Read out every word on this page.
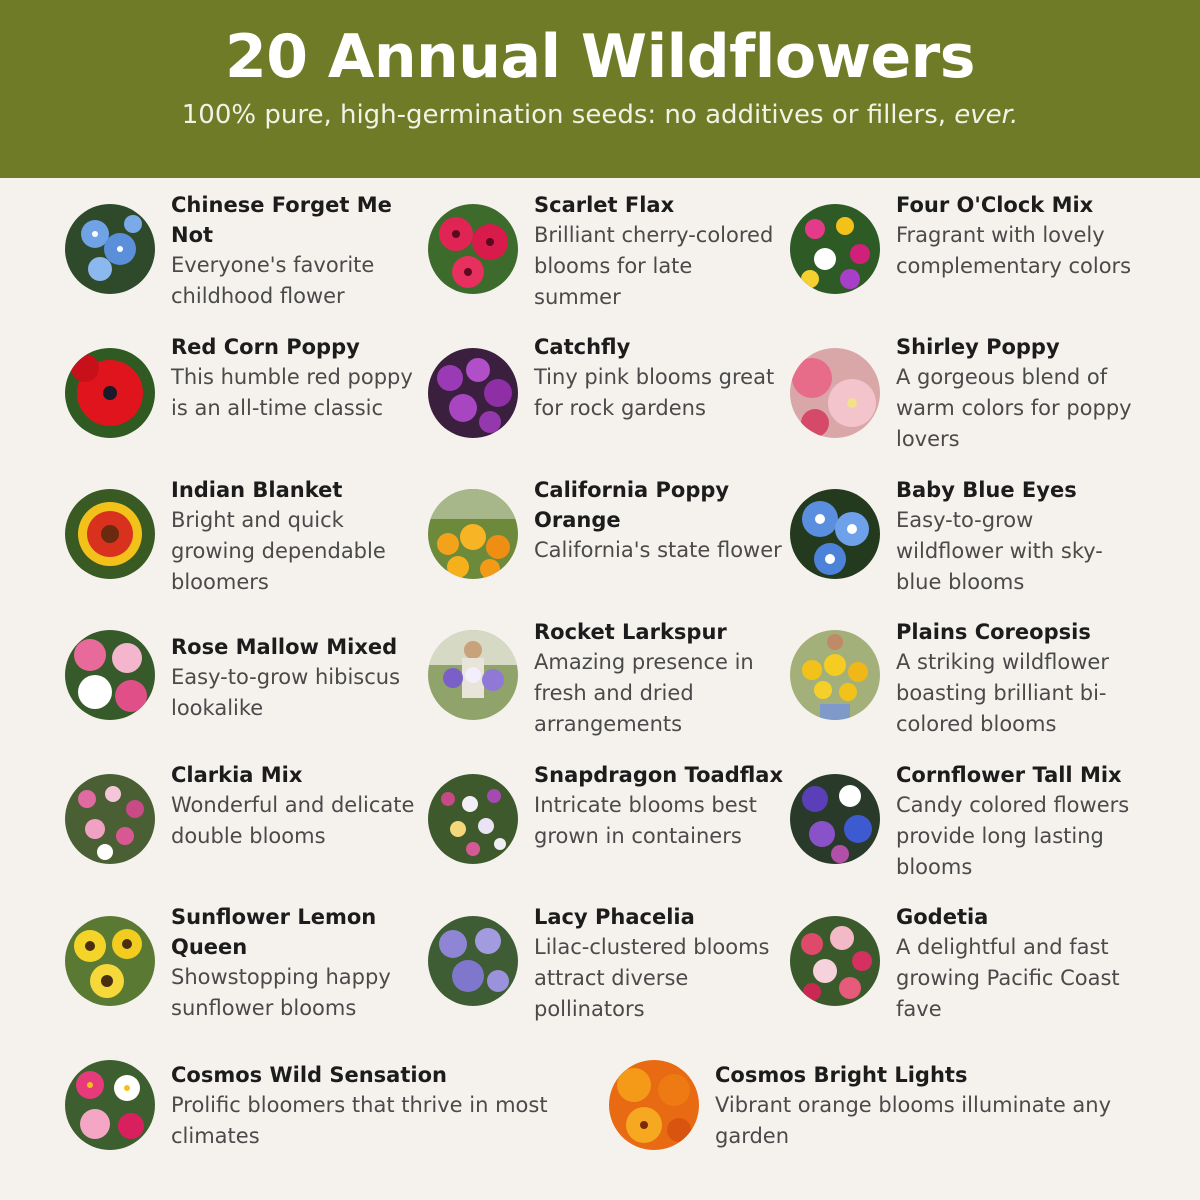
20 Annual Wildflowers
100% pure, high-germination seeds: no additives or fillers, ever.
Chinese Forget Me Not
Everyone's favorite childhood flower
Scarlet Flax
Brilliant cherry-colored blooms for late summer
Four O'Clock Mix
Fragrant with lovely complementary colors
Red Corn Poppy
This humble red poppy is an all-time classic
Catchfly
Tiny pink blooms great for rock gardens
Shirley Poppy
A gorgeous blend of warm colors for poppy lovers
Indian Blanket
Bright and quick growing dependable bloomers
California Poppy Orange
California's state flower
Baby Blue Eyes
Easy-to-grow wildflower with sky-blue blooms
Rose Mallow Mixed
Easy-to-grow hibiscus lookalike
Rocket Larkspur
Amazing presence in fresh and dried arrangements
Plains Coreopsis
A striking wildflower boasting brilliant bi-colored blooms
Clarkia Mix
Wonderful and delicate double blooms
Snapdragon Toadflax
Intricate blooms best grown in containers
Cornflower Tall Mix
Candy colored flowers provide long lasting blooms
Sunflower Lemon Queen
Showstopping happy sunflower blooms
Lacy Phacelia
Lilac-clustered blooms attract diverse pollinators
Godetia
A delightful and fast growing Pacific Coast fave
Cosmos Wild Sensation
Prolific bloomers that thrive in most climates
Cosmos Bright Lights
Vibrant orange blooms illuminate any garden
